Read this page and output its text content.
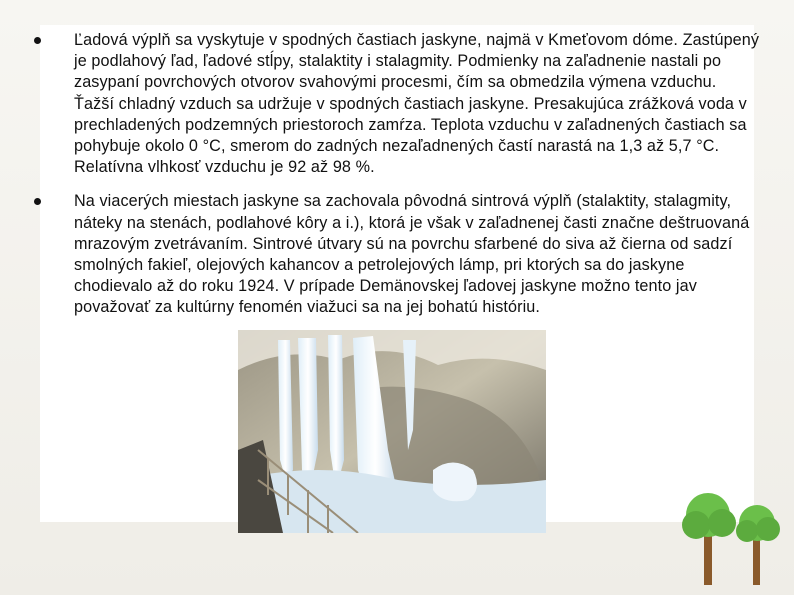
Ľadová výplň sa vyskytuje v spodných častiach jaskyne, najmä v Kmeťovom dóme. Zastúpený je podlahový ľad, ľadové stĺpy, stalaktity i stalagmity. Podmienky na zaľadnenie nastali po zasypaní povrchových otvorov svahovými procesmi, čím sa obmedzila výmena vzduchu. Ťažší chladný vzduch sa udržuje v spodných častiach jaskyne. Presakujúca zrážková voda v prechladených podzemných priestoroch zamŕza. Teplota vzduchu v zaľadnených častiach sa pohybuje okolo 0 °C, smerom do zadných nezaľadnených častí narastá na 1,3 až 5,7 °C. Relatívna vlhkosť vzduchu je 92 až 98 %.
Na viacerých miestach jaskyne sa zachovala pôvodná sintrová výplň (stalaktity, stalagmity, náteky na stenách, podlahové kôry a i.), ktorá je však v zaľadnenej časti značne deštruovaná mrazovým zvetrávaním. Sintrové útvary sú na povrchu sfarbené do siva až čierna od sadzí smolných fakieľ, olejových kahancov a petrolejových lámp, pri ktorých sa do jaskyne chodievalo až do roku 1924. V prípade Demänovskej ľadovej jaskyne možno tento jav považovať za kultúrny fenomén viažuci sa na jej bohatú históriu.
